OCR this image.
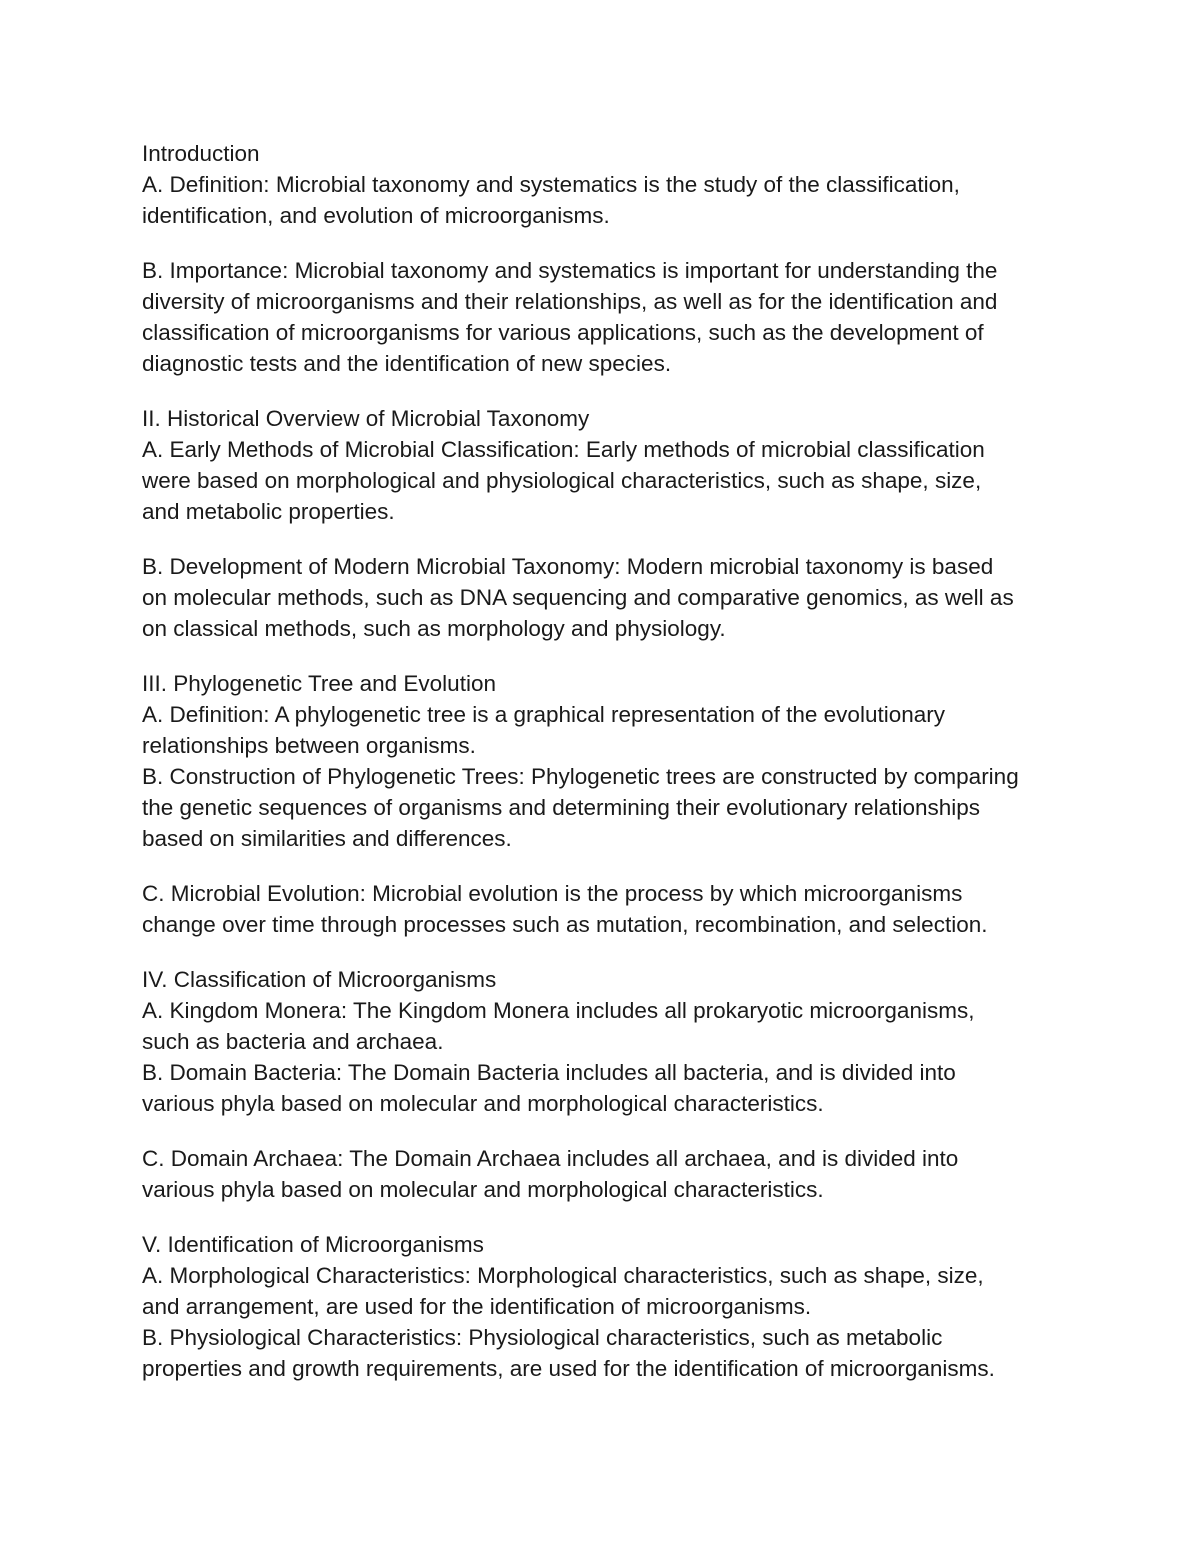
Introduction
A. Definition: Microbial taxonomy and systematics is the study of the classification,
identification, and evolution of microorganisms.
B. Importance: Microbial taxonomy and systematics is important for understanding the
diversity of microorganisms and their relationships, as well as for the identification and
classification of microorganisms for various applications, such as the development of
diagnostic tests and the identification of new species.
II. Historical Overview of Microbial Taxonomy
A. Early Methods of Microbial Classification: Early methods of microbial classification
were based on morphological and physiological characteristics, such as shape, size,
and metabolic properties.
B. Development of Modern Microbial Taxonomy: Modern microbial taxonomy is based
on molecular methods, such as DNA sequencing and comparative genomics, as well as
on classical methods, such as morphology and physiology.
III. Phylogenetic Tree and Evolution
A. Definition: A phylogenetic tree is a graphical representation of the evolutionary
relationships between organisms.
B. Construction of Phylogenetic Trees: Phylogenetic trees are constructed by comparing
the genetic sequences of organisms and determining their evolutionary relationships
based on similarities and differences.
C. Microbial Evolution: Microbial evolution is the process by which microorganisms
change over time through processes such as mutation, recombination, and selection.
IV. Classification of Microorganisms
A. Kingdom Monera: The Kingdom Monera includes all prokaryotic microorganisms,
such as bacteria and archaea.
B. Domain Bacteria: The Domain Bacteria includes all bacteria, and is divided into
various phyla based on molecular and morphological characteristics.
C. Domain Archaea: The Domain Archaea includes all archaea, and is divided into
various phyla based on molecular and morphological characteristics.
V. Identification of Microorganisms
A. Morphological Characteristics: Morphological characteristics, such as shape, size,
and arrangement, are used for the identification of microorganisms.
B. Physiological Characteristics: Physiological characteristics, such as metabolic
properties and growth requirements, are used for the identification of microorganisms.
